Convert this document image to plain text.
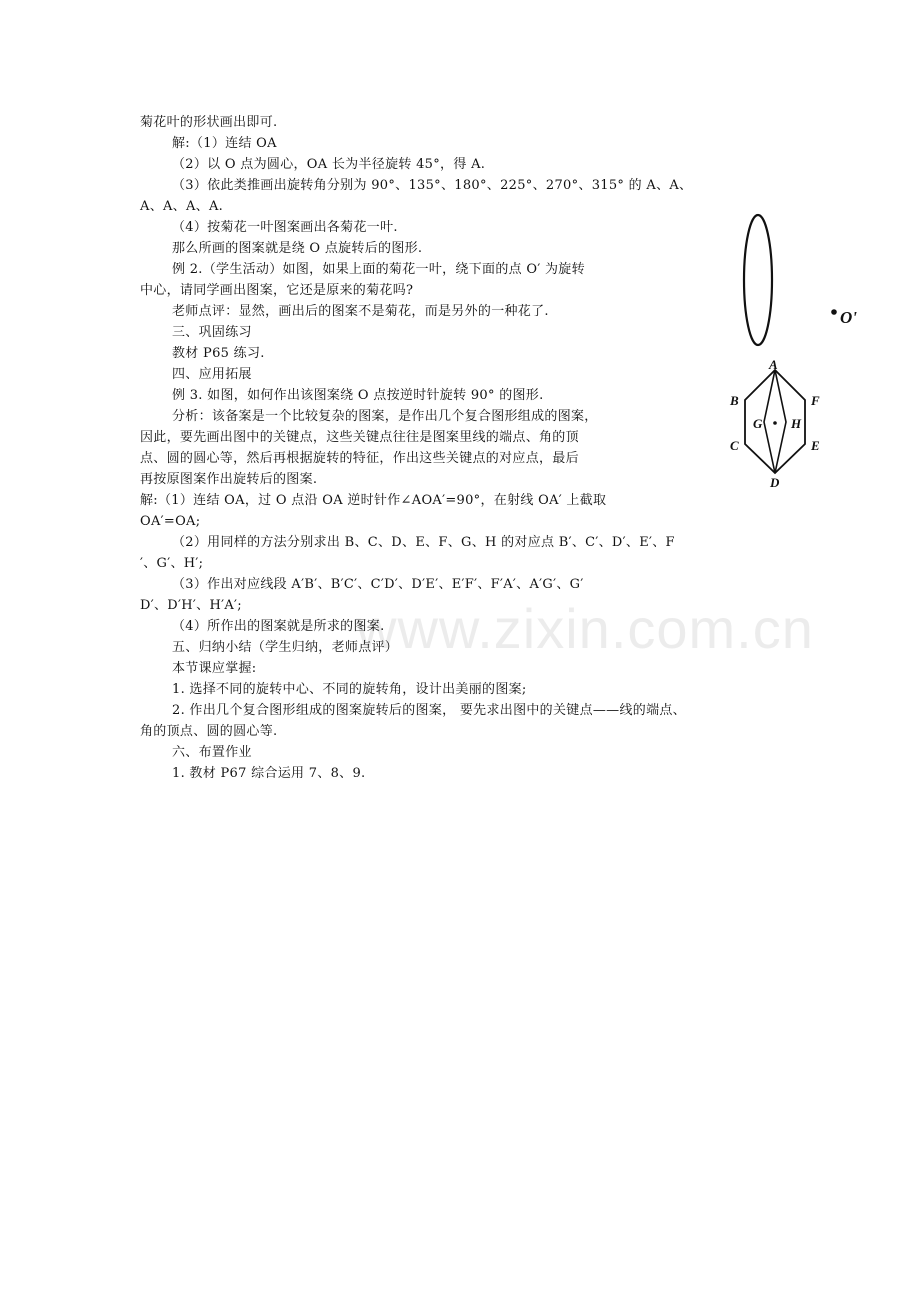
www.zixin.com.cn
菊花叶的形状画出即可.
解:（1）连结 OA
（2）以 O 点为圆心，OA 长为半径旋转 45°，得 A.
（3）依此类推画出旋转角分别为 90°、135°、180°、225°、270°、315° 的 A、A、
A、A、A、A.
（4）按菊花一叶图案画出各菊花一叶.
那么所画的图案就是绕 O 点旋转后的图形.
例 2.（学生活动）如图，如果上面的菊花一叶，绕下面的点 O′ 为旋转
中心，请同学画出图案，它还是原来的菊花吗?
老师点评：显然，画出后的图案不是菊花，而是另外的一种花了.
三、巩固练习
教材 P65 练习.
四、应用拓展
例 3. 如图，如何作出该图案绕 O 点按逆时针旋转 90° 的图形.
分析：该备案是一个比较复杂的图案，是作出几个复合图形组成的图案，
因此，要先画出图中的关键点，这些关键点往往是图案里线的端点、角的顶
点、圆的圆心等，然后再根据旋转的特征，作出这些关键点的对应点，最后
再按原图案作出旋转后的图案.
解:（1）连结 OA，过 O 点沿 OA 逆时针作∠AOA′=90°，在射线 OA′ 上截取
OA′=OA;
（2）用同样的方法分别求出 B、C、D、E、F、G、H 的对应点 B′、C′、D′、E′、F
′、G′、H′;
（3）作出对应线段 A′B′、B′C′、C′D′、D′E′、E′F′、F′A′、A′G′、G′
D′、D′H′、H′A′;
（4）所作出的图案就是所求的图案.
五、归纳小结（学生归纳，老师点评）
本节课应掌握:
1. 选择不同的旋转中心、不同的旋转角，设计出美丽的图案;
2. 作出几个复合图形组成的图案旋转后的图案， 要先求出图中的关键点——线的端点、
角的顶点、圆的圆心等.
六、布置作业
1. 教材 P67 综合运用 7、8、9.
O'
A
B
C
D
E
F
G H
